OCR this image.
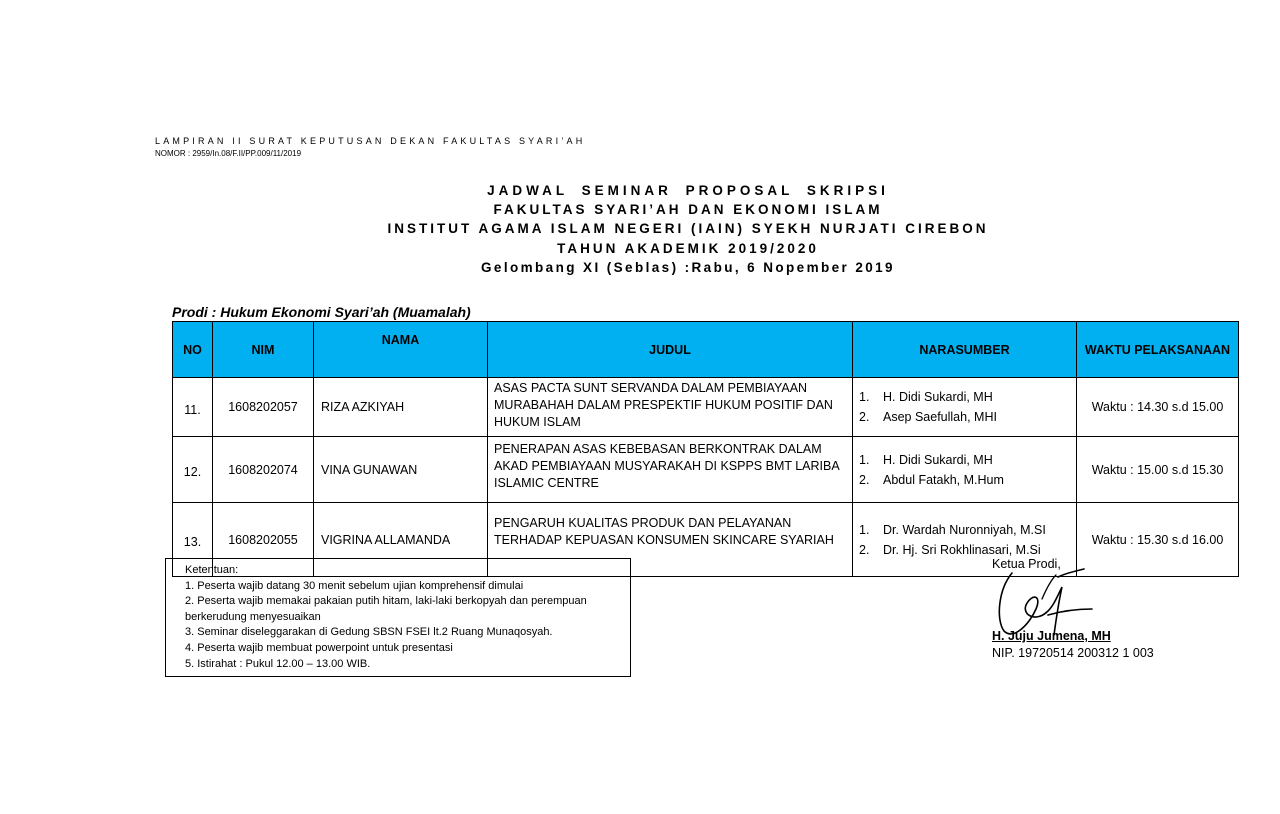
LAMPIRAN II SURAT KEPUTUSAN DEKAN FAKULTAS SYARI’AH
NOMOR : 2959/In.08/F.II/PP.009/11/2019
JADWAL SEMINAR PROPOSAL SKRIPSI
FAKULTAS SYARI’AH DAN EKONOMI ISLAM
INSTITUT AGAMA ISLAM NEGERI (IAIN) SYEKH NURJATI CIREBON
TAHUN AKADEMIK 2019/2020
Gelombang XI (Seblas) :Rabu, 6 Nopember 2019
Prodi : Hukum Ekonomi Syari’ah (Muamalah)
NO	NIM	NAMA	JUDUL	NARASUMBER	WAKTU PELAKSANAAN
11.	1608202057	RIZA AZKIYAH	ASAS PACTA SUNT SERVANDA DALAM PEMBIAYAAN MURABAHAH DALAM PRESPEKTIF HUKUM POSITIF DAN HUKUM ISLAM	1. H. Didi Sukardi, MH
2. Asep Saefullah, MHI	Waktu : 14.30 s.d 15.00
12.	1608202074	VINA GUNAWAN	PENERAPAN ASAS KEBEBASAN BERKONTRAK DALAM AKAD PEMBIAYAAN MUSYARAKAH DI KSPPS BMT LARIBA ISLAMIC CENTRE	1. H. Didi Sukardi, MH
2. Abdul Fatakh, M.Hum	Waktu : 15.00 s.d 15.30
13.	1608202055	VIGRINA ALLAMANDA	PENGARUH KUALITAS PRODUK DAN PELAYANAN TERHADAP KEPUASAN KONSUMEN SKINCARE SYARIAH	1. Dr. Wardah Nuronniyah, M.SI
2. Dr. Hj. Sri Rokhlinasari, M.Si	Waktu : 15.30 s.d 16.00
Ketentuan:
1. Peserta wajib datang 30 menit sebelum ujian komprehensif dimulai
2. Peserta wajib memakai pakaian putih hitam, laki-laki berkopyah dan perempuan berkerudung menyesuaikan
3. Seminar diseleggarakan di Gedung SBSN FSEI lt.2 Ruang Munaqosyah.
4. Peserta wajib membuat powerpoint untuk presentasi
5. Istirahat : Pukul 12.00 – 13.00 WIB.
Ketua Prodi,
H. Juju Jumena, MH
NIP. 19720514 200312 1 003
